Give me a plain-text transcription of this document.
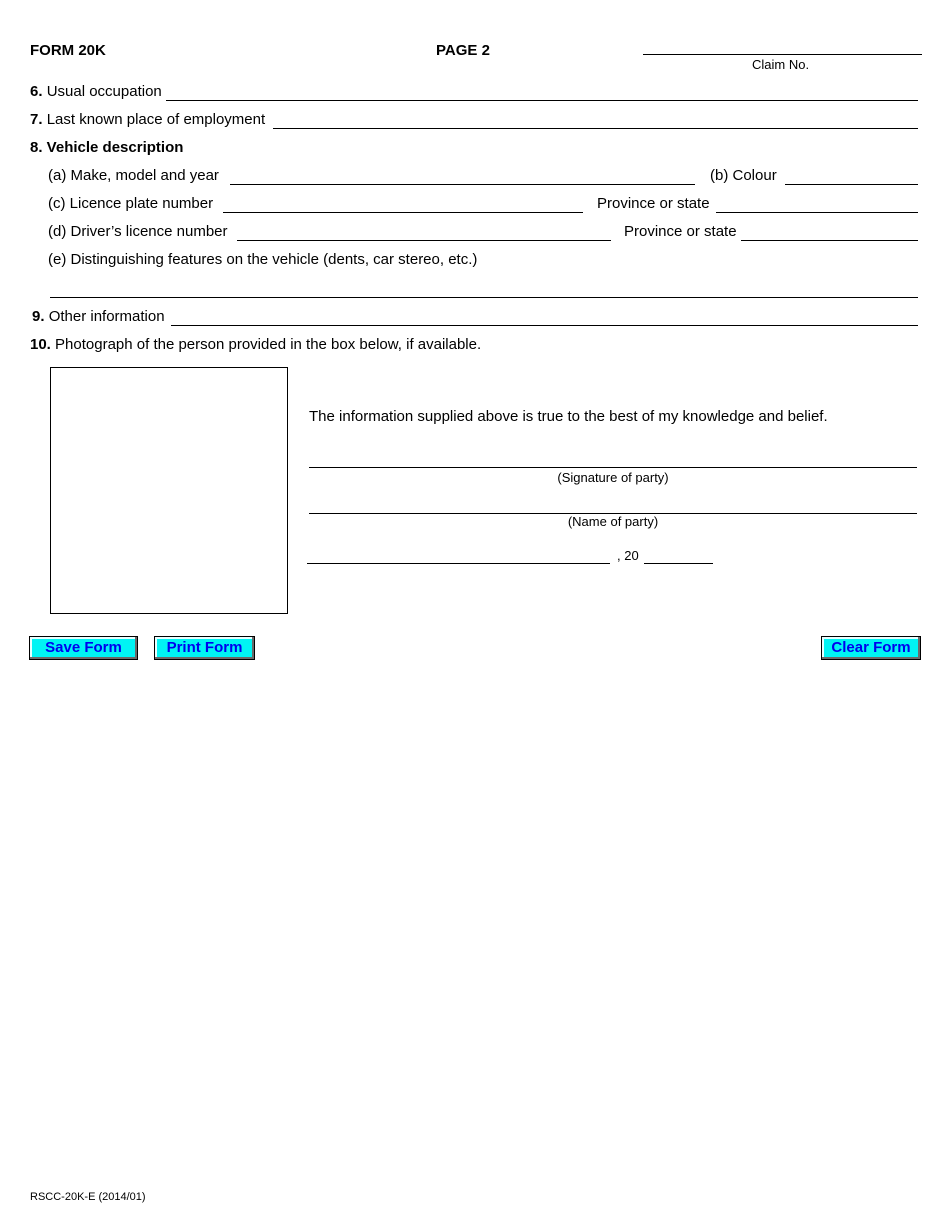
FORM 20K	PAGE 2
Claim No.
6. Usual occupation
7. Last known place of employment
8. Vehicle description
(a) Make, model and year	(b) Colour
(c) Licence plate number	Province or state
(d) Driver’s licence number	Province or state
(e) Distinguishing features on the vehicle (dents, car stereo, etc.)
9. Other information
10. Photograph of the person provided in the box below, if available.
The information supplied above is true to the best of my knowledge and belief.
(Signature of party)
(Name of party)
, 20
Save Form	Print Form	Clear Form
RSCC-20K-E (2014/01)
